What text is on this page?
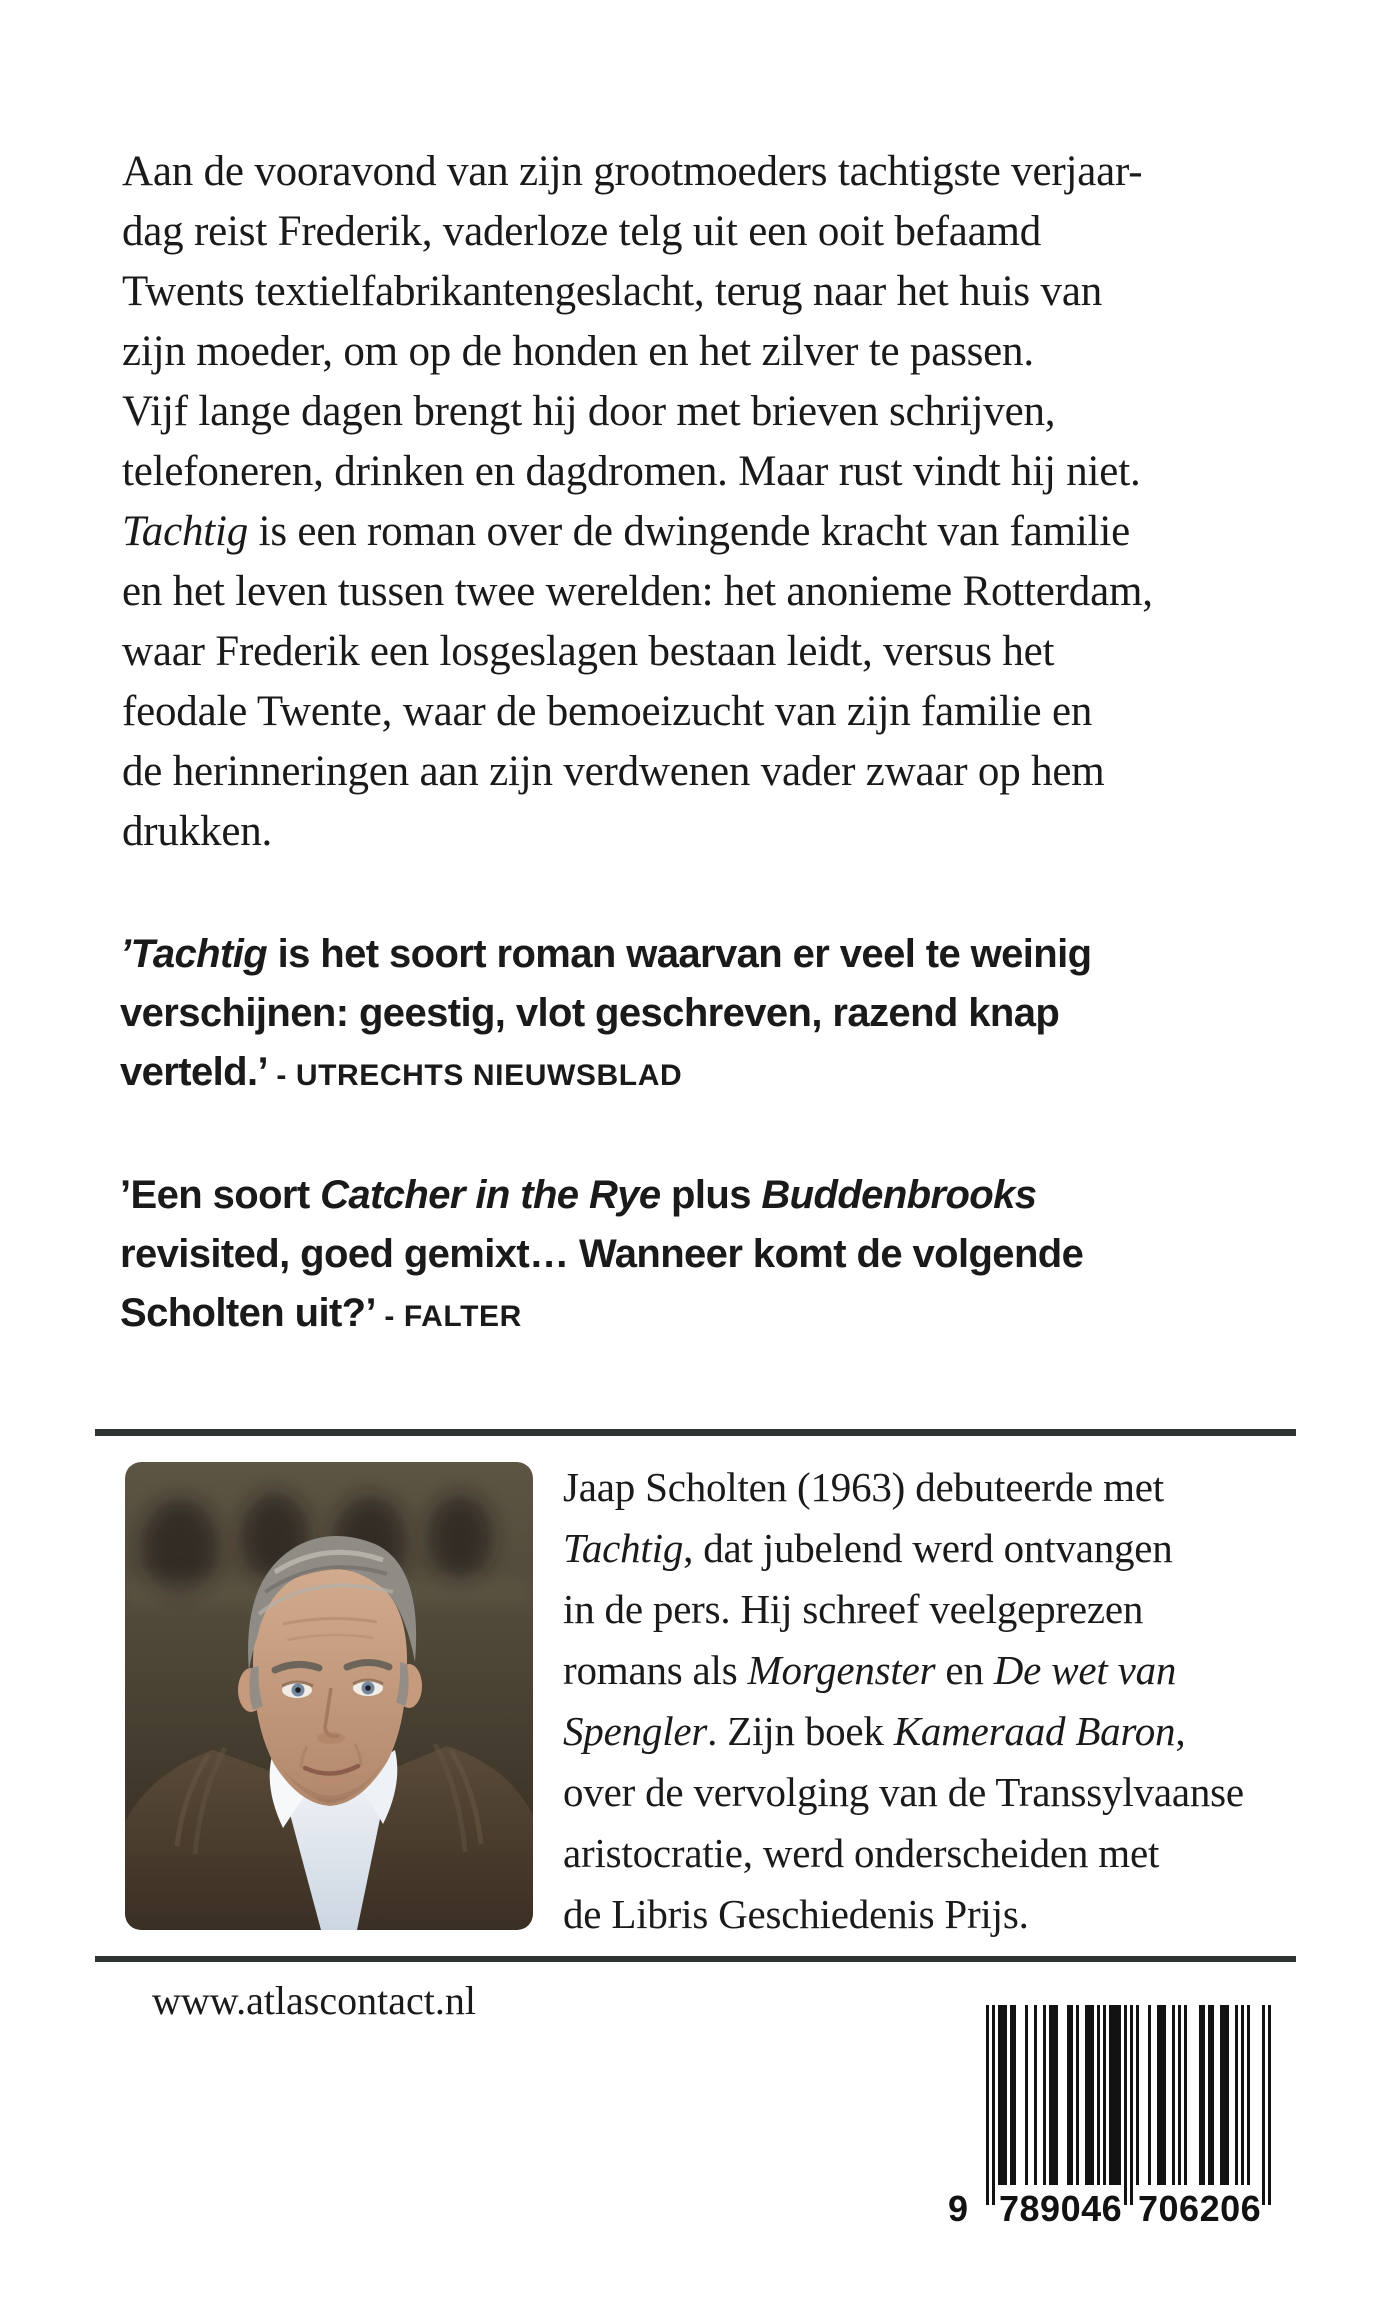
Aan de vooravond van zijn grootmoeders tachtigste verjaar-
dag reist Frederik, vaderloze telg uit een ooit befaamd
Twents textielfabrikantengeslacht, terug naar het huis van
zijn moeder, om op de honden en het zilver te passen.
Vijf lange dagen brengt hij door met brieven schrijven,
telefoneren, drinken en dagdromen. Maar rust vindt hij niet.
Tachtig is een roman over de dwingende kracht van familie
en het leven tussen twee werelden: het anonieme Rotterdam,
waar Frederik een losgeslagen bestaan leidt, versus het
feodale Twente, waar de bemoeizucht van zijn familie en
de herinneringen aan zijn verdwenen vader zwaar op hem
drukken.
’Tachtig is het soort roman waarvan er veel te weinig
verschijnen: geestig, vlot geschreven, razend knap
verteld.’ - UTRECHTS NIEUWSBLAD
’Een soort Catcher in the Rye plus Buddenbrooks
revisited, goed gemixt… Wanneer komt de volgende
Scholten uit?’ - FALTER
Jaap Scholten (1963) debuteerde met
Tachtig, dat jubelend werd ontvangen
in de pers. Hij schreef veelgeprezen
romans als Morgenster en De wet van
Spengler. Zijn boek Kameraad Baron,
over de vervolging van de Transsylvaanse
aristocratie, werd onderscheiden met
de Libris Geschiedenis Prijs.
www.atlascontact.nl
9 789046 706206
